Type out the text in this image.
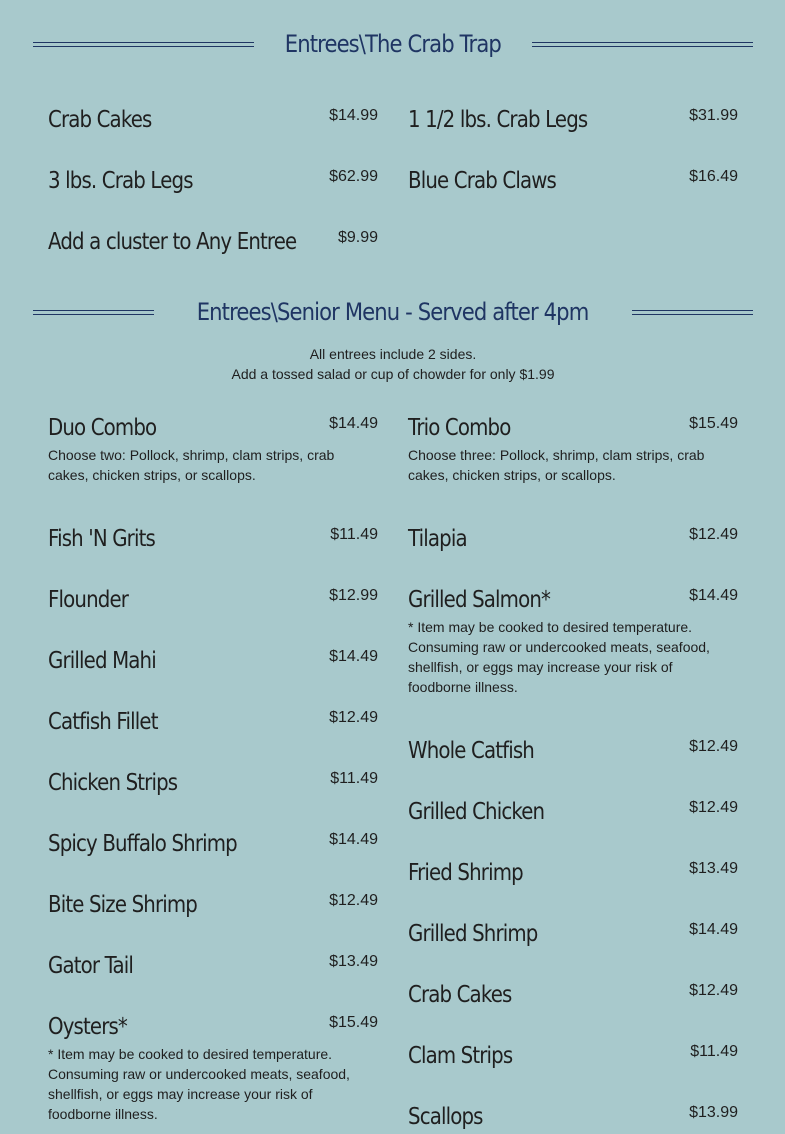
Entrees\The Crab Trap
Crab Cakes	$14.99 1 1/2 lbs. Crab Legs	$31.99
3 lbs. Crab Legs	$62.99 Blue Crab Claws	$16.49
Add a cluster to Any Entree	$9.99
Entrees\Senior Menu - Served after 4pm
All entrees include 2 sides.
Add a tossed salad or cup of chowder for only $1.99
Duo Combo	$14.49
Choose two: Pollock, shrimp, clam strips, crab cakes, chicken strips, or scallops.
Fish 'N Grits	$11.49
Flounder	$12.99
Grilled Mahi	$14.49
Catfish Fillet	$12.49
Chicken Strips	$11.49
Spicy Buffalo Shrimp	$14.49
Bite Size Shrimp	$12.49
Gator Tail	$13.49
Oysters*	$15.49
* Item may be cooked to desired temperature. Consuming raw or undercooked meats, seafood, shellfish, or eggs may increase your risk of foodborne illness.
Trio Combo	$15.49
Choose three: Pollock, shrimp, clam strips, crab cakes, chicken strips, or scallops.
Tilapia	$12.49
Grilled Salmon*	$14.49
* Item may be cooked to desired temperature. Consuming raw or undercooked meats, seafood, shellfish, or eggs may increase your risk of foodborne illness.
Whole Catfish	$12.49
Grilled Chicken	$12.49
Fried Shrimp	$13.49
Grilled Shrimp	$14.49
Crab Cakes	$12.49
Clam Strips	$11.49
Scallops	$13.99
